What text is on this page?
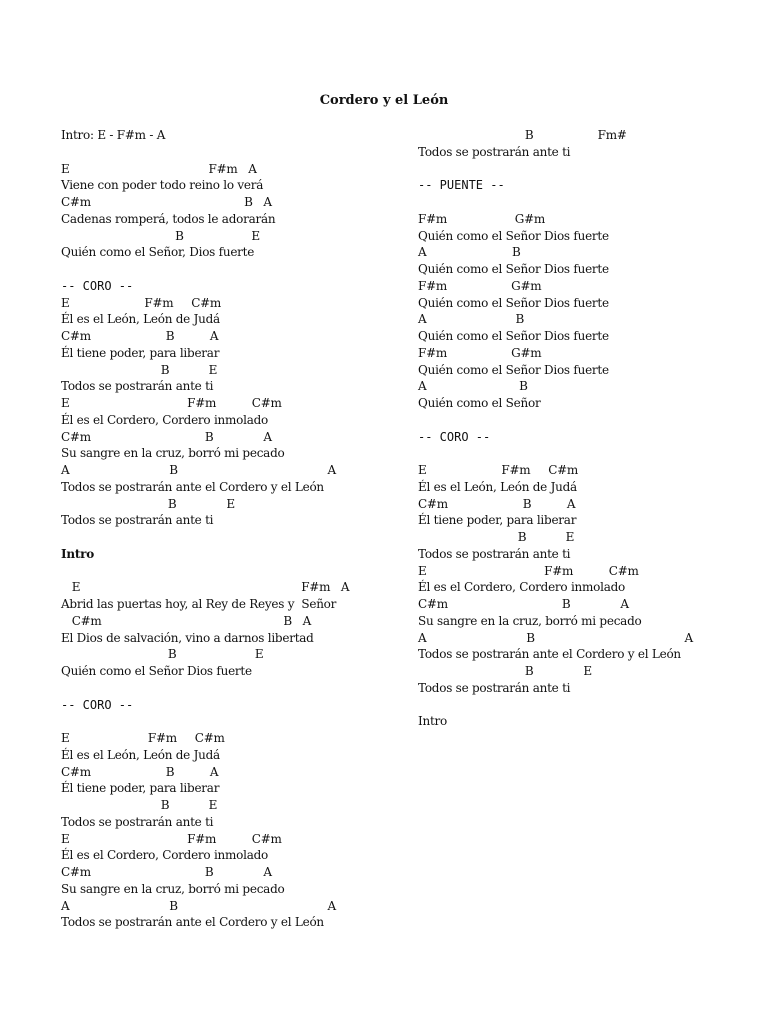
Cordero y el León
Intro: E - F#m - A
E                                       F#m   A
Viene con poder todo reino lo verá
C#m                                           B   A
Cadenas romperá, todos le adorarán
B                   E
Quién como el Señor, Dios fuerte
-- CORO --
E                     F#m     C#m
Él es el León, León de Judá
C#m                     B          A
Él tiene poder, para liberar
B           E
Todos se postrarán ante ti
E                                 F#m          C#m
Él es el Cordero, Cordero inmolado
C#m                                B              A
Su sangre en la cruz, borró mi pecado
A                            B                                          A
Todos se postrarán ante el Cordero y el León
B              E
Todos se postrarán ante ti
Intro
E                                                              F#m   A
Abrid las puertas hoy, al Rey de Reyes y  Señor
C#m                                                   B   A
El Dios de salvación, vino a darnos libertad
B                      E
Quién como el Señor Dios fuerte
-- CORO --
E                      F#m     C#m
Él es el León, León de Judá
C#m                     B          A
Él tiene poder, para liberar
B           E
Todos se postrarán ante ti
E                                 F#m          C#m
Él es el Cordero, Cordero inmolado
C#m                                B              A
Su sangre en la cruz, borró mi pecado
A                            B                                          A
Todos se postrarán ante el Cordero y el León
B                  Fm#
Todos se postrarán ante ti
-- PUENTE --
F#m                   G#m
Quién como el Señor Dios fuerte
A                        B
Quién como el Señor Dios fuerte
F#m                  G#m
Quién como el Señor Dios fuerte
A                         B
Quién como el Señor Dios fuerte
F#m                  G#m
Quién como el Señor Dios fuerte
A                          B
Quién como el Señor
-- CORO --
E                     F#m     C#m
Él es el León, León de Judá
C#m                     B          A
Él tiene poder, para liberar
B           E
Todos se postrarán ante ti
E                                 F#m          C#m
Él es el Cordero, Cordero inmolado
C#m                                B              A
Su sangre en la cruz, borró mi pecado
A                            B                                          A
Todos se postrarán ante el Cordero y el León
B              E
Todos se postrarán ante ti
Intro
